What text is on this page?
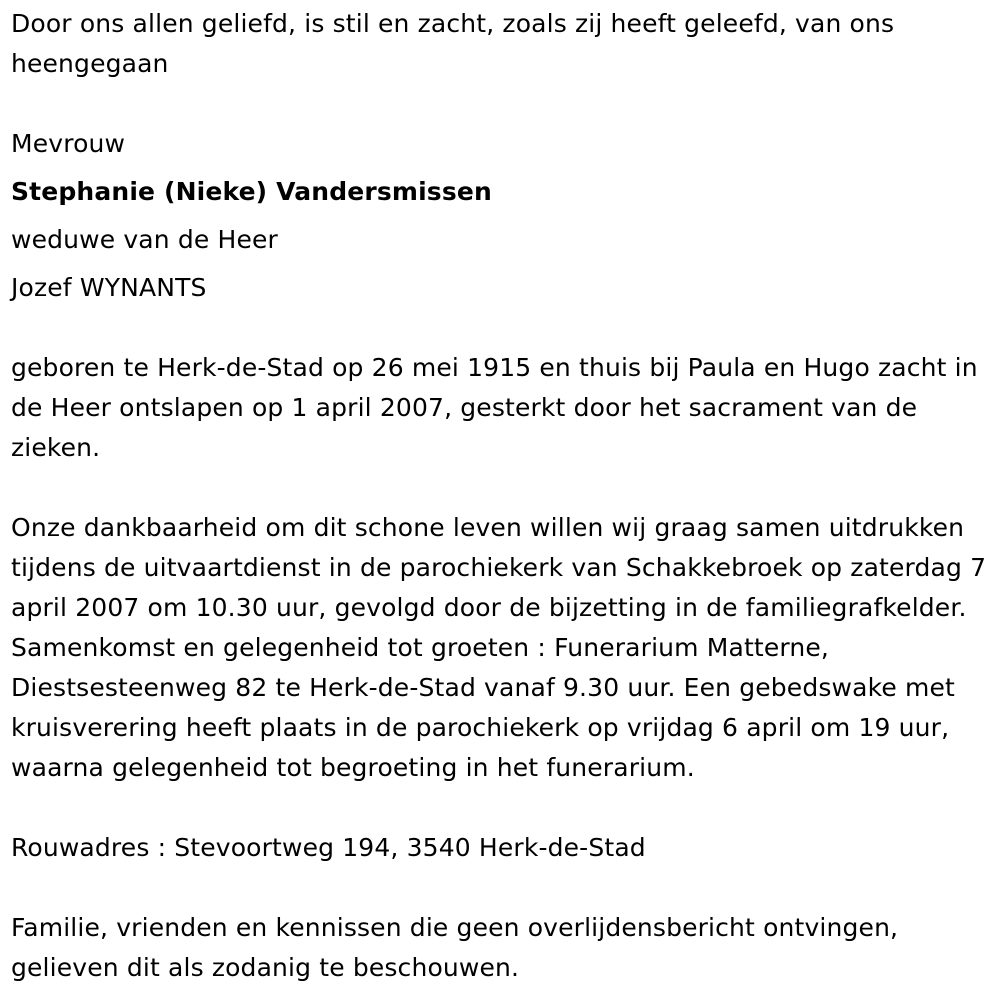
Door ons allen geliefd, is stil en zacht, zoals zij heeft geleefd, van ons heengegaan

Mevrouw

Stephanie (Nieke) Vandersmissen

weduwe van de Heer

Jozef WYNANTS

geboren te Herk-de-Stad op 26 mei 1915 en thuis bij Paula en Hugo zacht in de Heer ontslapen op 1 april 2007, gesterkt door het sacrament van de zieken.

Onze dankbaarheid om dit schone leven willen wij graag samen uitdrukken tijdens de uitvaartdienst in de parochiekerk van Schakkebroek op zaterdag 7 april 2007 om 10.30 uur, gevolgd door de bijzetting in de familiegrafkelder. Samenkomst en gelegenheid tot groeten : Funerarium Matterne, Diestsesteenweg 82 te Herk-de-Stad vanaf 9.30 uur. Een gebedswake met kruisverering heeft plaats in de parochiekerk op vrijdag 6 april om 19 uur, waarna gelegenheid tot begroeting in het funerarium.

Rouwadres : Stevoortweg 194, 3540 Herk-de-Stad

Familie, vrienden en kennissen die geen overlijdensbericht ontvingen, gelieven dit als zodanig te beschouwen.
